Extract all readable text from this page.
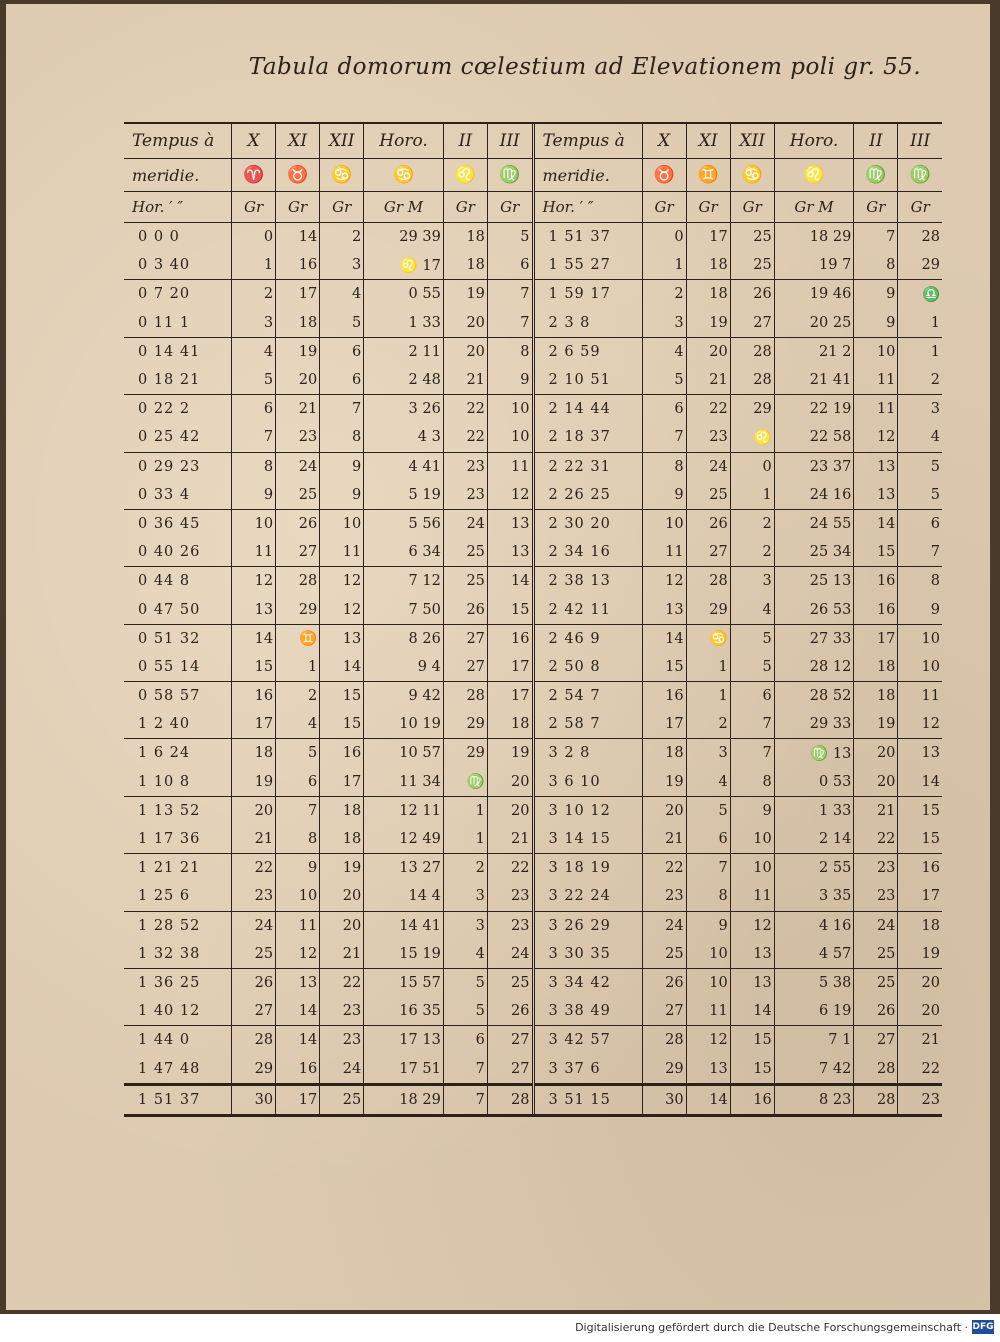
Tabula domorum cœlestium ad Elevationem poli gr. 55.
Tempus à	X	XI	XII	Horo.	II	III
meridie.	♈	♉	♋	♋	♌	♍
Hor. ′ ″	Gr	Gr	Gr	Gr M	Gr	Gr
0 0 0	0	14	2	29 39	18	5
0 3 40	1	16	3	♌ 17	18	6
0 7 20	2	17	4	0 55	19	7
0 11 1	3	18	5	1 33	20	7
0 14 41	4	19	6	2 11	20	8
0 18 21	5	20	6	2 48	21	9
0 22 2	6	21	7	3 26	22	10
0 25 42	7	23	8	4 3	22	10
0 29 23	8	24	9	4 41	23	11
0 33 4	9	25	9	5 19	23	12
0 36 45	10	26	10	5 56	24	13
0 40 26	11	27	11	6 34	25	13
0 44 8	12	28	12	7 12	25	14
0 47 50	13	29	12	7 50	26	15
0 51 32	14	♊	13	8 26	27	16
0 55 14	15	1	14	9 4	27	17
0 58 57	16	2	15	9 42	28	17
1 2 40	17	4	15	10 19	29	18
1 6 24	18	5	16	10 57	29	19
1 10 8	19	6	17	11 34	♍	20
1 13 52	20	7	18	12 11	1	20
1 17 36	21	8	18	12 49	1	21
1 21 21	22	9	19	13 27	2	22
1 25 6	23	10	20	14 4	3	23
1 28 52	24	11	20	14 41	3	23
1 32 38	25	12	21	15 19	4	24
1 36 25	26	13	22	15 57	5	25
1 40 12	27	14	23	16 35	5	26
1 44 0	28	14	23	17 13	6	27
1 47 48	29	16	24	17 51	7	27
1 51 37	30	17	25	18 29	7	28
Tempus à	X	XI	XII	Horo.	II	III
meridie.	♉	♊	♋	♌	♍	♍
Hor. ′ ″	Gr	Gr	Gr	Gr M	Gr	Gr
1 51 37	0	17	25	18 29	7	28
1 55 27	1	18	25	19 7	8	29
1 59 17	2	18	26	19 46	9	♎
2 3 8	3	19	27	20 25	9	1
2 6 59	4	20	28	21 2	10	1
2 10 51	5	21	28	21 41	11	2
2 14 44	6	22	29	22 19	11	3
2 18 37	7	23	♌	22 58	12	4
2 22 31	8	24	0	23 37	13	5
2 26 25	9	25	1	24 16	13	5
2 30 20	10	26	2	24 55	14	6
2 34 16	11	27	2	25 34	15	7
2 38 13	12	28	3	25 13	16	8
2 42 11	13	29	4	26 53	16	9
2 46 9	14	♋	5	27 33	17	10
2 50 8	15	1	5	28 12	18	10
2 54 7	16	1	6	28 52	18	11
2 58 7	17	2	7	29 33	19	12
3 2 8	18	3	7	♍ 13	20	13
3 6 10	19	4	8	0 53	20	14
3 10 12	20	5	9	1 33	21	15
3 14 15	21	6	10	2 14	22	15
3 18 19	22	7	10	2 55	23	16
3 22 24	23	8	11	3 35	23	17
3 26 29	24	9	12	4 16	24	18
3 30 35	25	10	13	4 57	25	19
3 34 42	26	10	13	5 38	25	20
3 38 49	27	11	14	6 19	26	20
3 42 57	28	12	15	7 1	27	21
3 37 6	29	13	15	7 42	28	22
3 51 15	30	14	16	8 23	28	23
Digitalisierung gefördert durch die Deutsche Forschungsgemeinschaft · DFG
